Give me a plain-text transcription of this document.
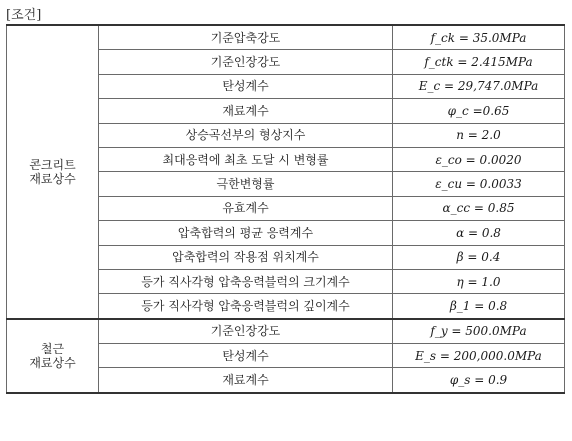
[조건]
콘크리트
재료상수	기준압축강도	f_ck = 35.0MPa
	기준인장강도	f_ctk = 2.415MPa
	탄성계수	E_c = 29,747.0MPa
	재료계수	φ_c =0.65
	상승곡선부의 형상지수	n = 2.0
	최대응력에 최초 도달 시 변형률	ε_co = 0.0020
	극한변형률	ε_cu = 0.0033
	유효계수	α_cc = 0.85
	압축합력의 평균 응력계수	α = 0.8
	압축합력의 작용점 위치계수	β = 0.4
	등가 직사각형 압축응력블럭의 크기계수	η = 1.0
	등가 직사각형 압축응력블럭의 깊이계수	β_1 = 0.8
철근
재료상수	기준인장강도	f_y = 500.0MPa
	탄성계수	E_s = 200,000.0MPa
	재료계수	φ_s = 0.9
